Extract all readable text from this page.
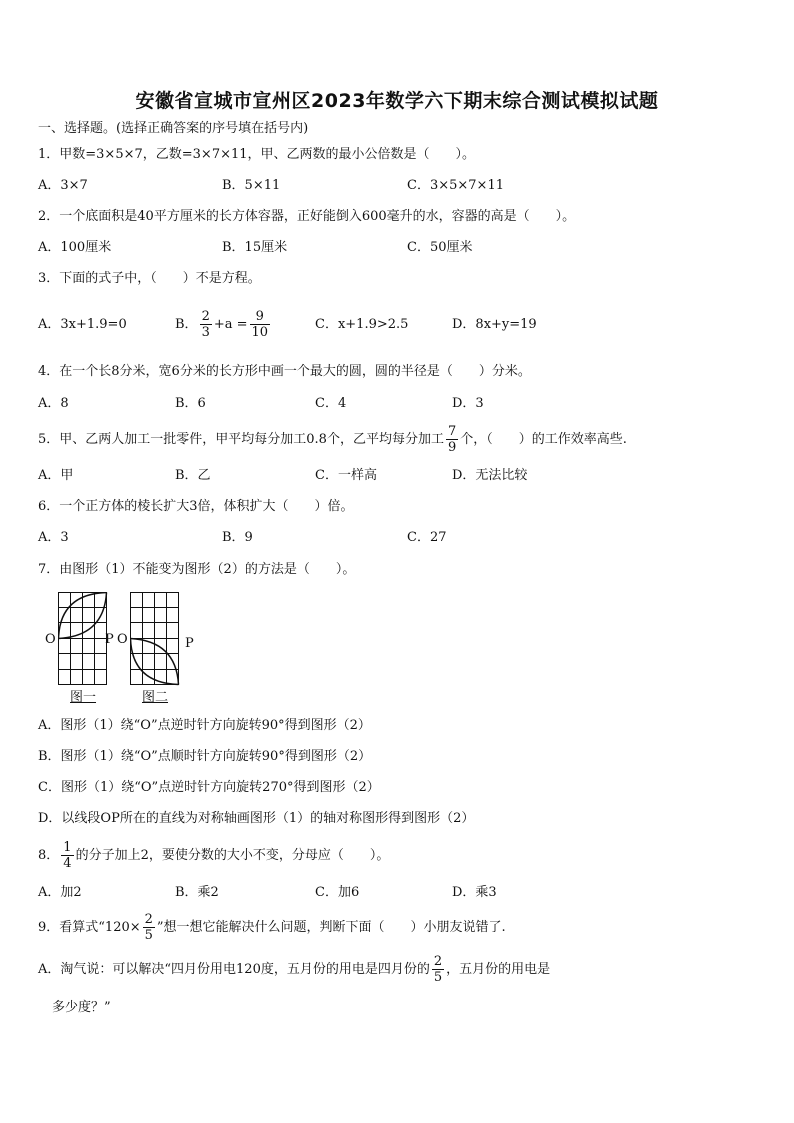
安徽省宣城市宣州区2023年数学六下期末综合测试模拟试题
一、选择题。(选择正确答案的序号填在括号内)
1．甲数=3×5×7，乙数=3×7×11，甲、乙两数的最小公倍数是（　　）。
A．3×7	B．5×11	C．3×5×7×11
2．一个底面积是40平方厘米的长方体容器，正好能倒入600毫升的水，容器的高是（　　）。
A．100厘米	B．15厘米	C．50厘米
3．下面的式子中，（　　）不是方程。
A．3x+1.9=0	B． $\frac{2}{3} +a = \frac{9}{10}$	C．x+1.9>2.5	D．8x+y=19
4．在一个长8分米，宽6分米的长方形中画一个最大的圆，圆的半径是（　　）分米。
A．8	B．6	C．4	D．3
5．甲、乙两人加工一批零件，甲平均每分加工0.8个，乙平均每分加工 $\frac{7}{9}$ 个，（　　）的工作效率高些.
A．甲	B．乙	C．一样高	D．无法比较
6．一个正方体的棱长扩大3倍，体积扩大（　　）倍。
A．3	B．9	C．27
7．由图形（1）不能变为图形（2）的方法是（　　）。
O	P
图一
O	P
图二
A．图形（1）绕“O”点逆时针方向旋转90°得到图形（2）
B．图形（1）绕“O”点顺时针方向旋转90°得到图形（2）
C．图形（1）绕“O”点逆时针方向旋转270°得到图形（2）
D．以线段OP所在的直线为对称轴画图形（1）的轴对称图形得到图形（2）
8． $\frac{1}{4}$ 的分子加上2，要使分数的大小不变，分母应（　　）。
A．加2	B．乘2	C．加6	D．乘3
9．看算式“$120\times \frac{2}{5}$ ”想一想它能解决什么问题，判断下面（　　）小朋友说错了.
A．淘气说：可以解决“四月份用电120度，五月份的用电是四月份的 $\frac{2}{5}$ ，五月份的用电是
多少度？”
